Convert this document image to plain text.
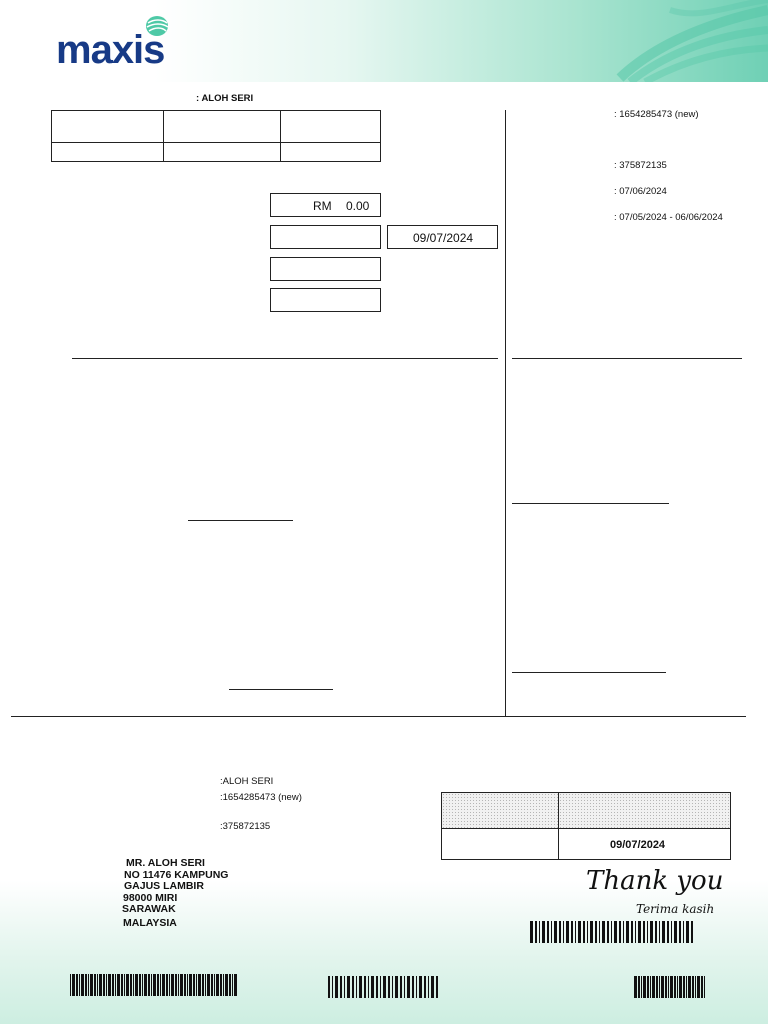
maxis
: ALOH SERI
RM 0.00
09/07/2024
: 1654285473 (new)
: 375872135
: 07/06/2024
: 07/05/2024 - 06/06/2024
:ALOH SERI
:1654285473 (new)
:375872135
09/07/2024
MR. ALOH SERI
NO 11476 KAMPUNG
GAJUS LAMBIR
98000 MIRI
SARAWAK
MALAYSIA
Thank you
Terima kasih
